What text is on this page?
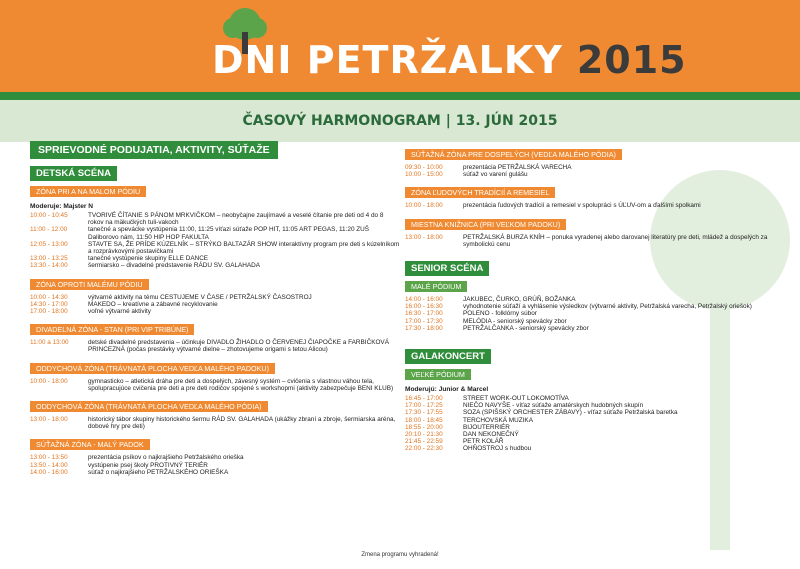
DNI PETRŽALKY 2015
ČASOVÝ HARMONOGRAM | 13. JÚN 2015
SPRIEVODNÉ PODUJATIA, AKTIVITY, SÚŤAŽE
DETSKÁ SCÉNA
ZÓNA PRI A NA MALOM PÓDIU
Moderuje: Majster N
10:00 - 10:45	TVORIVÉ ČÍTANIE S PÁNOM MRKVIČKOM – neobyčajne zaujímavé a veselé čítanie pre deti od 4 do 8 rokov na mäkučkých tuli-vakoch
11:00 - 12:00	tanečné a spevácke vystúpenia 11:00, 11:25 víťazi súťaže POP HIT, 11:05 ART PEGAS, 11:20 ZUŠ Daliborovo nám, 11:50 HIP HOP FAKULTA
12:05 - 13:00	STAVTE SA, ŽE PRÍDE KÚZELNÍK – STRÝKO BALTAZÁR SHOW interaktívny program pre deti s kúzelníkom a rozprávkovými postavičkami
13:00 - 13:25	tanečné vystúpenie skupiny ELLE DANCE
13:30 - 14:00	šermiarsko – divadelné predstavenie RÁDU SV. GALAHADA
ZÓNA OPROTI MALÉMU PÓDIU
10:00 - 14:30	výtvarné aktivity na tému CESTUJEME V ČASE / PETRŽALSKÝ ČASOSTROJ
14:30 - 17:00	MAKEDO – kreatívne a zábavné recyklovanie
17:00 - 18:00	voľné výtvarné aktivity
DIVADELNÁ ZÓNA - STAN (PRI VIP TRIBÚNE)
11:00 a 13:00	detské divadelné predstavenia – účinkuje DIVADLO ŽIHADLO O ČERVENEJ ČIAPOČKE a FARBIČKOVÁ PRINCEZNÁ (počas prestávky výtvarné dielne – zhotovujeme origami s tetou Alicou)
ODDYCHOVÁ ZÓNA (TRÁVNATÁ PLOCHA VEDĽA MALÉHO PADOKU)
10:00 - 18:00	gymnasticko – atletická dráha pre deti a dospelých, závesný systém – cvičenia s vlastnou váhou tela, spolupracujúce cvičenia pre deti a pre deti rodičov spojené s workshopmi (aktivity zabezpečuje BENI KLUB)
ODDYCHOVÁ ZÓNA (TRÁVNATÁ PLOCHA VEDĽA MALÉHO PÓDIA)
13:00 - 18:00	historický tábor skupiny historického šermu RÁD SV. GALAHADA (ukážky zbraní a zbroje, šermiarska aréna, dobové hry pre deti)
SÚŤAŽNÁ ZÓNA - MALÝ PADOK
13:00 - 13:50	prezentácia psíkov o najkrajšieho Petržalského orieška
13:50 - 14:00	vystúpenie psej školy PROTIVNÝ TERIÉR
14:00 - 16:00	súťaž o najkrajšieho PETRŽALSKÉHO ORIEŠKA
SÚŤAŽNÁ ZÓNA PRE DOSPELÝCH (VEDĽA MALÉHO PÓDIA)
09:30 - 10:00	prezentácia PETRŽALSKÁ VARECHA
10:00 - 15:00	súťaž vo varení gulášu
ZÓNA ĽUDOVÝCH TRADÍCIÍ A REMESIEL
10:00 - 18:00	prezentácia ľudových tradícií a remesiel v spolupráci s ÚĽUV-om a ďalšími spolkami
MIESTNA KNIŽNICA (PRI VEĽKOM PADOKU)
13:00 - 18:00	PETRŽALSKÁ BURZA KNÍH – ponuka vyradenej alebo darovanej literatúry pre deti, mládež a dospelých za symbolickú cenu
SENIOR SCÉNA
MALÉ PÓDIUM
14:00 - 16:00	JAKUBEC, ČURKO, GRÚŇ, BOŽANKA
16:00 - 16:30	vyhodnotenie súťaží a vyhlásenie výsledkov (výtvarné aktivity, Petržalská varecha, Petržalský oriešok)
16:30 - 17:00	POLENO - folklórny súbor
17:00 - 17:30	MELÓDIA - seniorský spevácky zbor
17:30 - 18:00	PETRŽALČANKA - seniorský spevácky zbor
GALAKONCERT
VEĽKÉ PÓDIUM
Moderujú: Junior & Marcel
16:45 - 17:00	STREET WORK-OUT LOKOMOTÍVA
17:00 - 17:25	NIEČO NAVYŠE - víťaz súťaže amatérskych hudobných skupín
17:30 - 17:55	SOZA (SPIŠSKÝ ORCHESTER ZÁBAVY) - víťaz súťaže Petržalská baretka
18:00 - 18:45	TERCHOVSKÁ MUZIKA
18:55 - 20:00	BIJOUTERRIÉR
20:10 - 21:30	DAN NEKONEČNÝ
21:45 - 22:59	PETR KOLÁŘ
22:00 - 22:30	OHŇOSTROJ s hudbou
Zmena programu vyhradená!
